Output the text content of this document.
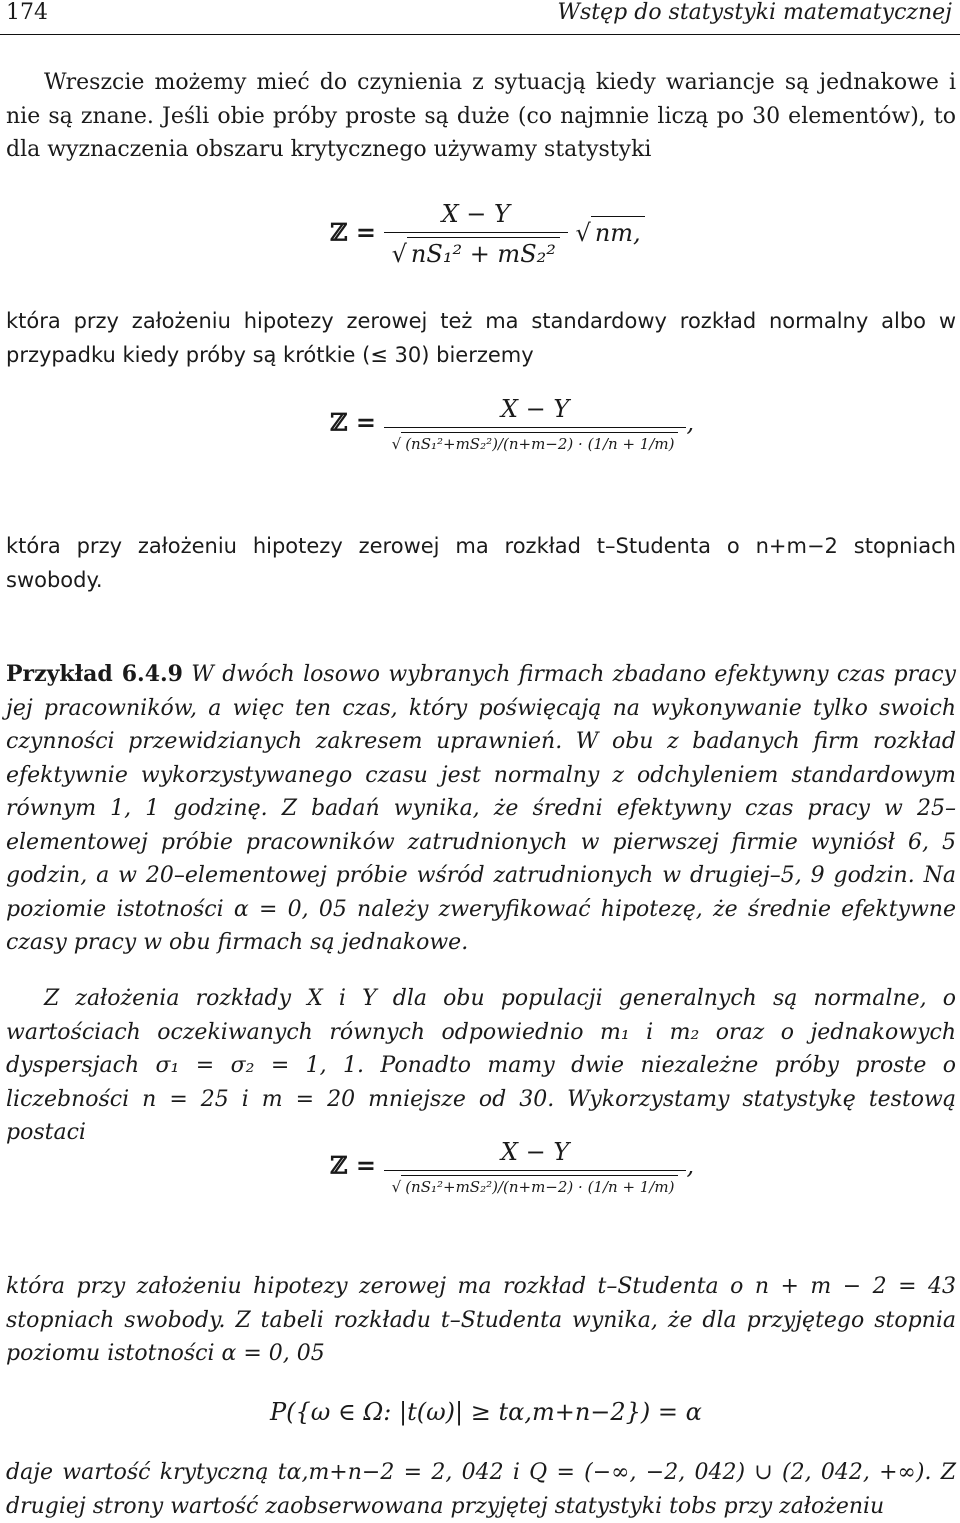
174	Wstęp do statystyki matematycznej

Wreszcie możemy mieć do czynienia z sytuacją kiedy wariancje są jednakowe i nie są znane. Jeśli obie próby proste są duże (co najmnie liczą po 30 elementów), to dla wyznaczenia obszaru krytycznego używamy statystyki

ℤ = $\frac{X - Y}{\text{√ nS₁² + mS₂²}}$ √ nm,

która przy założeniu hipotezy zerowej też ma standardowy rozkład normalny albo w przypadku kiedy próby są krótkie (≤ 30) bierzemy

ℤ = $\frac{X - Y}{\text{√ (nS₁²+mS₂²)/(n+m−2) · (1/n + 1/m)}}$ ,

która przy założeniu hipotezy zerowej ma rozkład t–Studenta o n+m−2 stopniach swobody.

Przykład 6.4.9 W dwóch losowo wybranych firmach zbadano efektywny czas pracy jej pracowników, a więc ten czas, który poświęcają na wykonywanie tylko swoich czynności przewidzianych zakresem uprawnień. W obu z badanych firm rozkład efektywnie wykorzystywanego czasu jest normalny z odchyleniem standardowym równym 1, 1 godzinę. Z badań wynika, że średni efektywny czas pracy w 25–elementowej próbie pracowników zatrudnionych w pierwszej firmie wyniósł 6, 5 godzin, a w 20–elementowej próbie wśród zatrudnionych w drugiej–5, 9 godzin. Na poziomie istotności α = 0, 05 należy zweryfikować hipotezę, że średnie efektywne czasy pracy w obu firmach są jednakowe.

Z założenia rozkłady X i Y dla obu populacji generalnych są normalne, o wartościach oczekiwanych równych odpowiednio m₁ i m₂ oraz o jednakowych dyspersjach σ₁ = σ₂ = 1, 1. Ponadto mamy dwie niezależne próby proste o liczebności n = 25 i m = 20 mniejsze od 30. Wykorzystamy statystykę testową postaci

ℤ = $\frac{X - Y}{\text{√ (nS₁²+mS₂²)/(n+m−2) · (1/n + 1/m)}}$ ,

która przy założeniu hipotezy zerowej ma rozkład t–Studenta o n + m − 2 = 43 stopniach swobody. Z tabeli rozkładu t–Studenta wynika, że dla przyjętego stopnia poziomu istotności α = 0, 05

P({ω ∈ Ω: |t(ω)| ≥ tα,m+n−2}) = α

daje wartość krytyczną tα,m+n−2 = 2, 042 i Q = (−∞, −2, 042) ∪ (2, 042, +∞). Z drugiej strony wartość zaobserwowana przyjętej statystyki tobs przy założeniu
